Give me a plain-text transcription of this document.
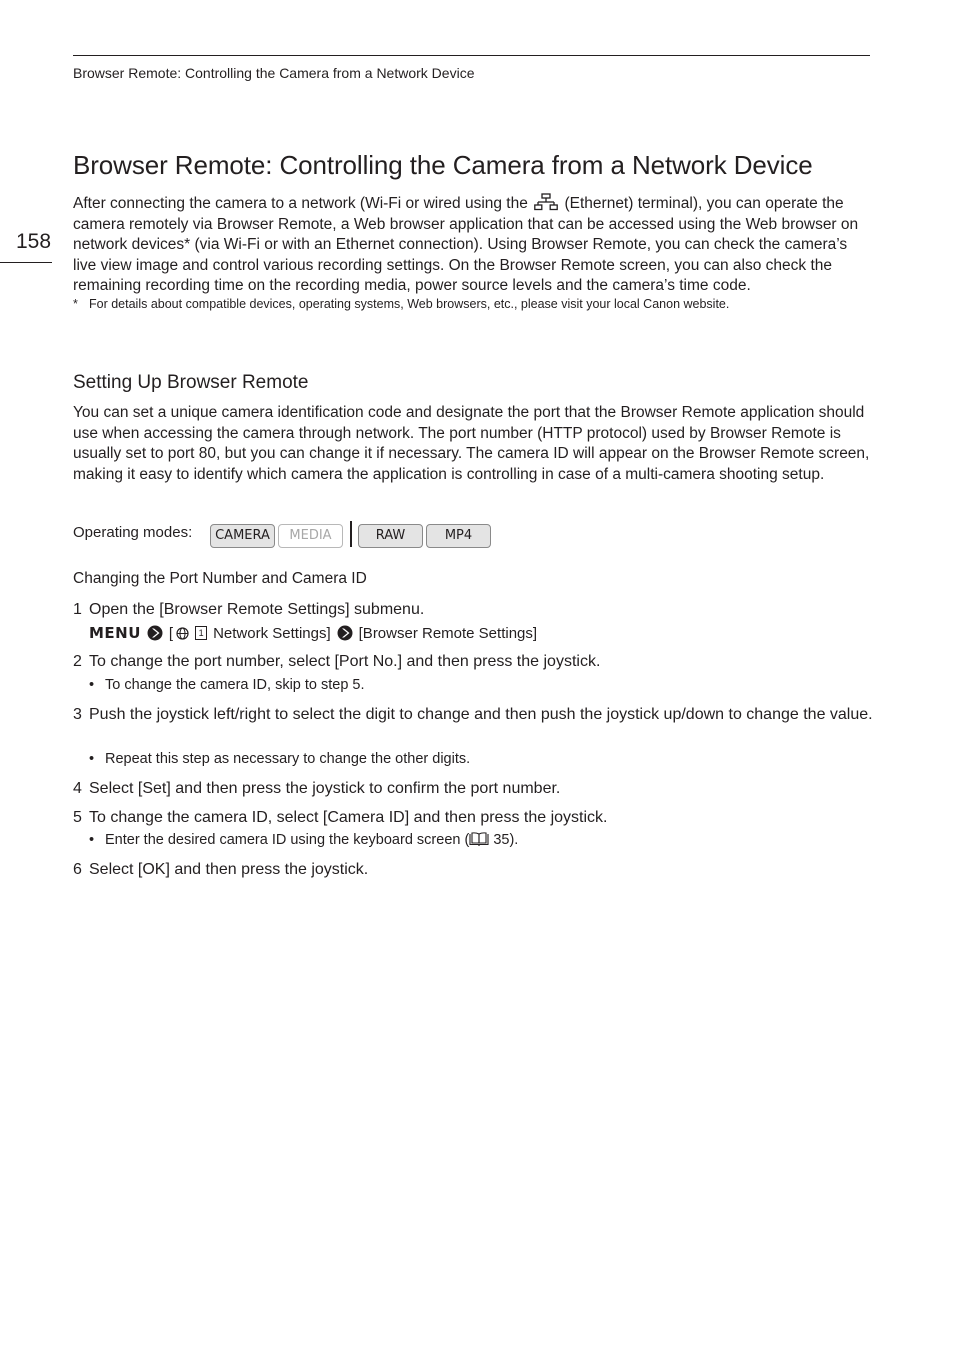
Browser Remote: Controlling the Camera from a Network Device
158
Browser Remote: Controlling the Camera from a Network Device
After connecting the camera to a network (Wi-Fi or wired using the (Ethernet) terminal), you can operate the camera remotely via Browser Remote, a Web browser application that can be accessed using the Web browser on network devices* (via Wi-Fi or with an Ethernet connection). Using Browser Remote, you can check the camera’s live view image and control various recording settings. On the Browser Remote screen, you can also check the remaining recording time on the recording media, power source levels and the camera’s time code.
* For details about compatible devices, operating systems, Web browsers, etc., please visit your local Canon website.
Setting Up Browser Remote
You can set a unique camera identification code and designate the port that the Browser Remote application should use when accessing the camera through network. The port number (HTTP protocol) used by Browser Remote is usually set to port 80, but you can change it if necessary. The camera ID will appear on the Browser Remote screen, making it easy to identify which camera the application is controlling in case of a multi-camera shooting setup.
Operating modes:	CAMERA	MEDIA	RAW	MP4
Changing the Port Number and Camera ID
1 Open the [Browser Remote Settings] submenu.
MENU [	1 Network Settings] [Browser Remote Settings]
2 To change the port number, select [Port No.] and then press the joystick.
• To change the camera ID, skip to step 5.
3 Push the joystick left/right to select the digit to change and then push the joystick up/down to change the value.
• Repeat this step as necessary to change the other digits.
4 Select [Set] and then press the joystick to confirm the port number.
5 To change the camera ID, select [Camera ID] and then press the joystick.
• Enter the desired camera ID using the keyboard screen ( 35).
6 Select [OK] and then press the joystick.
